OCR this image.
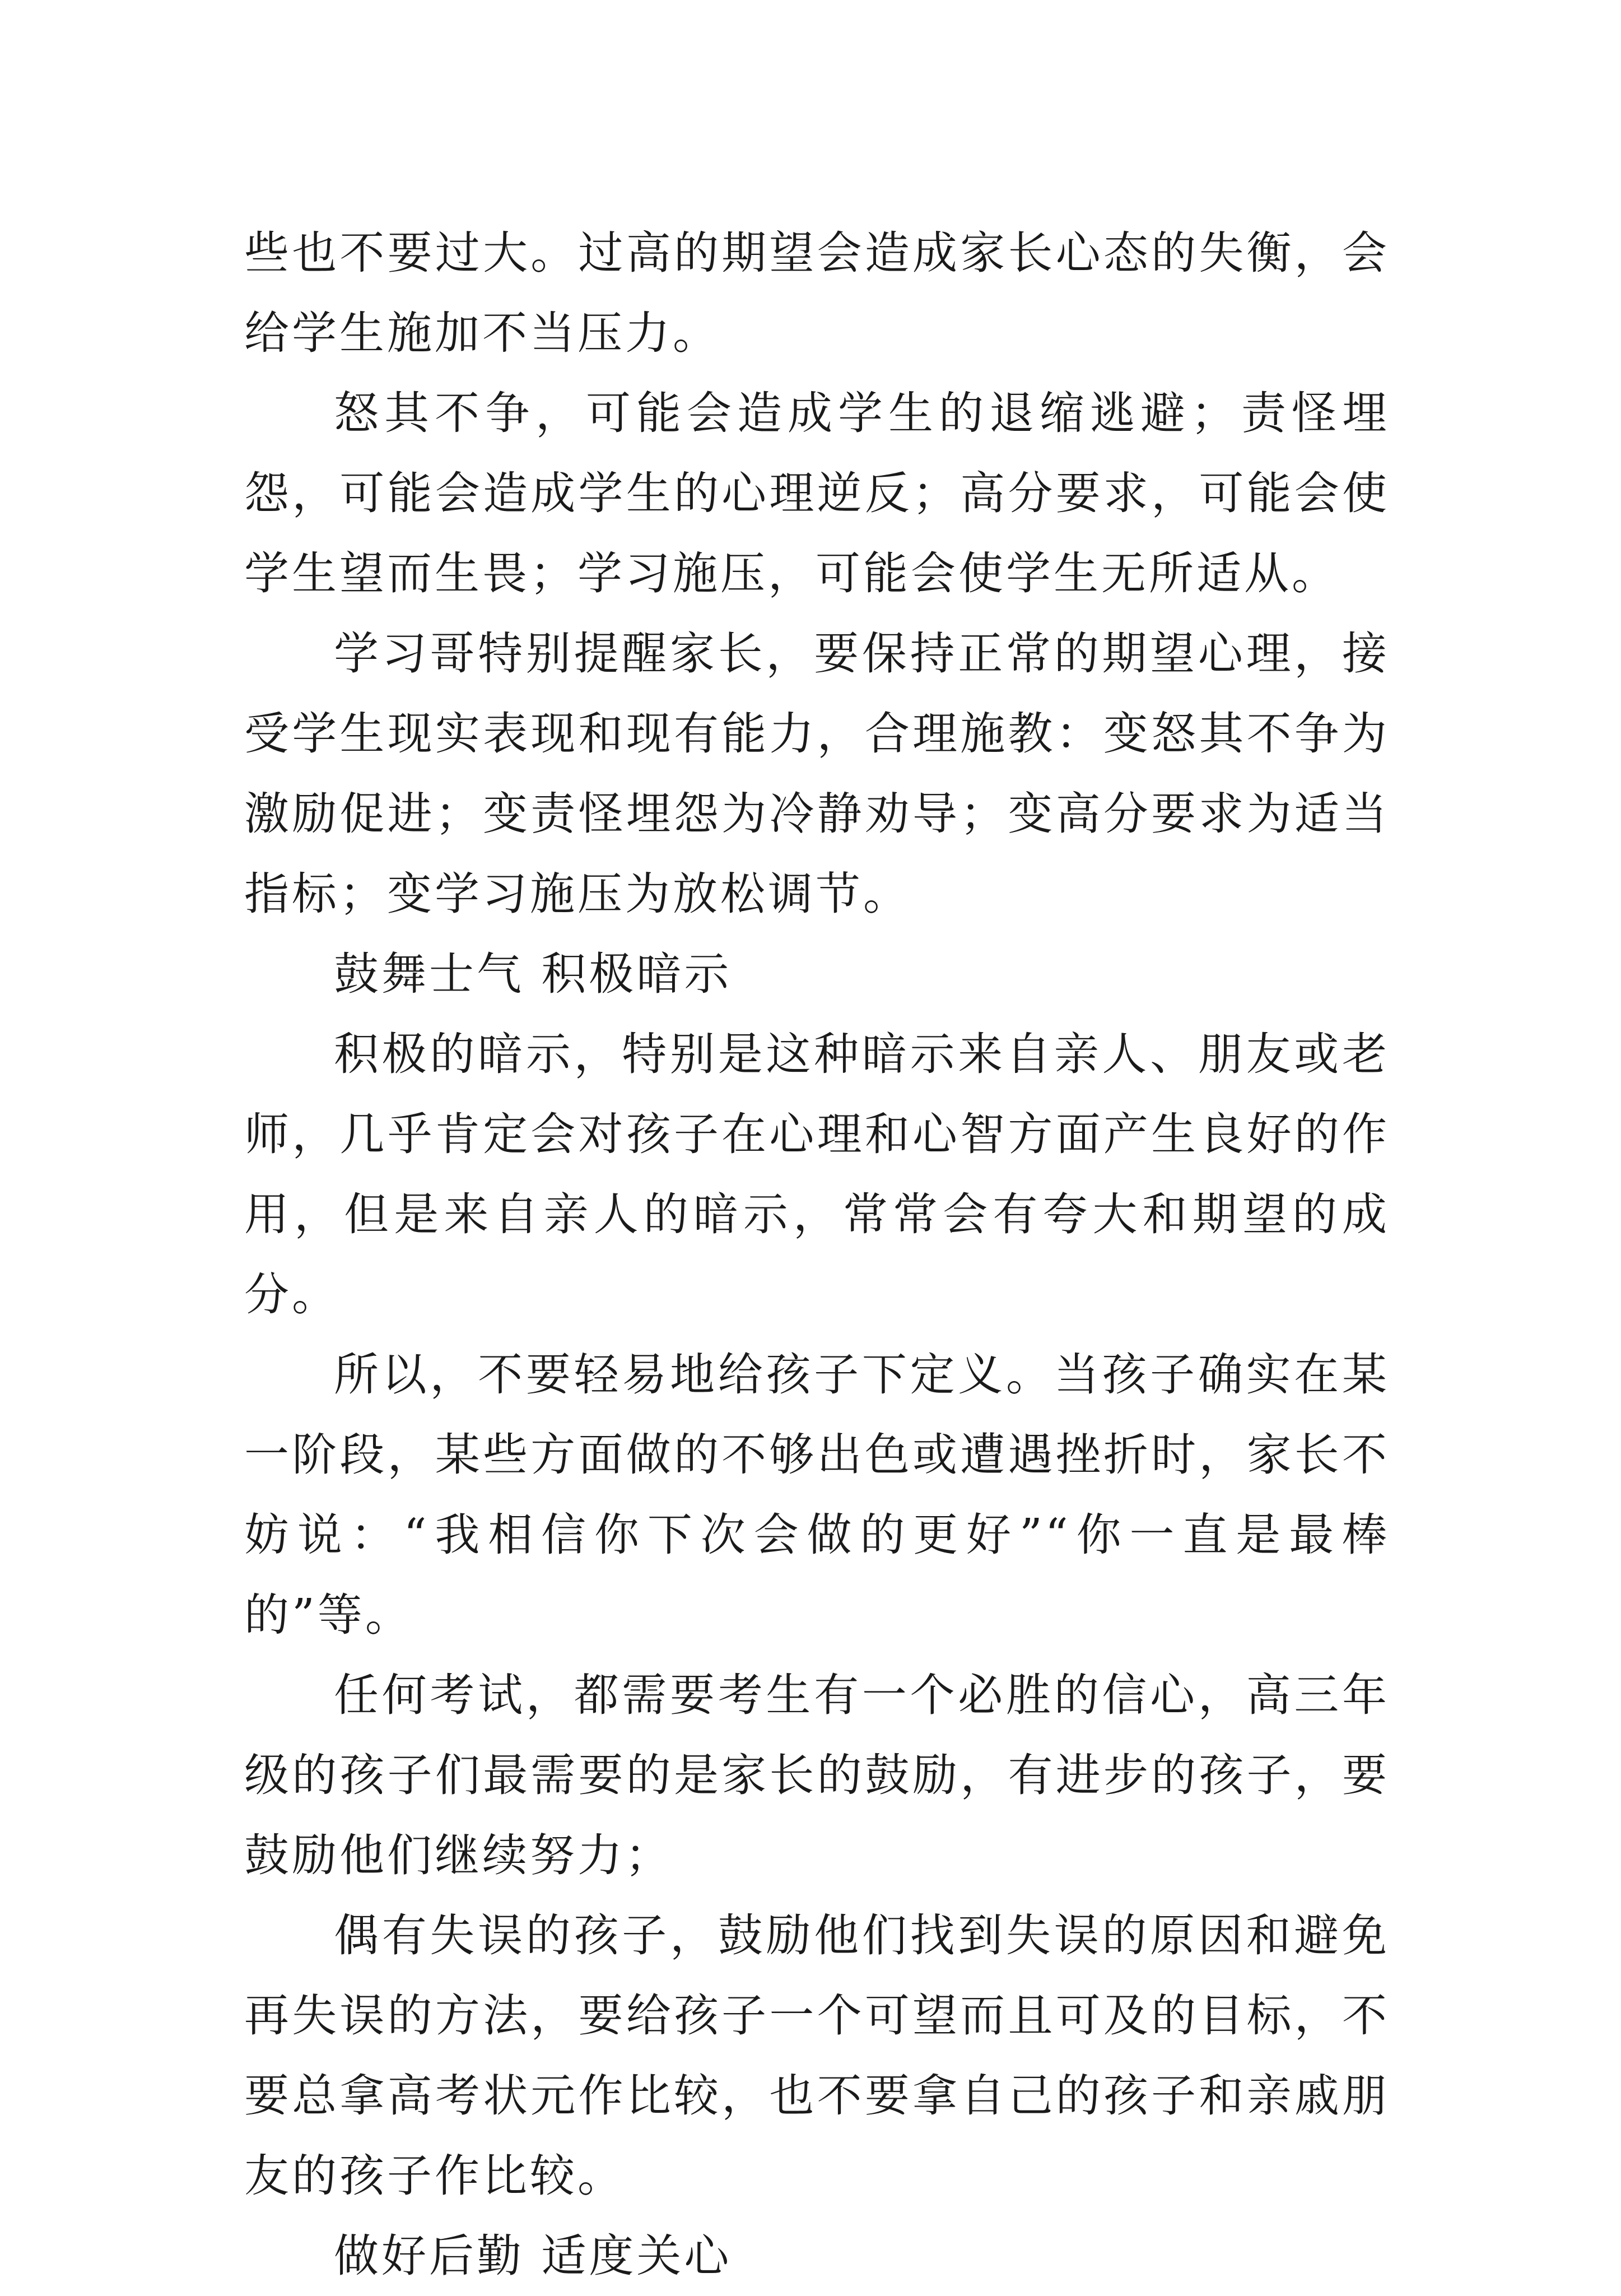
些也不要过大。过高的期望会造成家长心态的失衡，会给学生施加不当压力。

怒其不争，可能会造成学生的退缩逃避；责怪埋怨，可能会造成学生的心理逆反；高分要求，可能会使学生望而生畏；学习施压，可能会使学生无所适从。

学习哥特别提醒家长，要保持正常的期望心理，接受学生现实表现和现有能力，合理施教：变怒其不争为激励促进；变责怪埋怨为冷静劝导；变高分要求为适当指标；变学习施压为放松调节。

鼓舞士气 积极暗示

积极的暗示，特别是这种暗示来自亲人、朋友或老师，几乎肯定会对孩子在心理和心智方面产生良好的作用，但是来自亲人的暗示，常常会有夸大和期望的成分。

所以，不要轻易地给孩子下定义。当孩子确实在某一阶段，某些方面做的不够出色或遭遇挫折时，家长不妨说：“我相信你下次会做的更好”“你一直是最棒的”等。

任何考试，都需要考生有一个必胜的信心，高三年级的孩子们最需要的是家长的鼓励，有进步的孩子，要鼓励他们继续努力；

偶有失误的孩子，鼓励他们找到失误的原因和避免再失误的方法，要给孩子一个可望而且可及的目标，不要总拿高考状元作比较，也不要拿自己的孩子和亲戚朋友的孩子作比较。

做好后勤 适度关心
